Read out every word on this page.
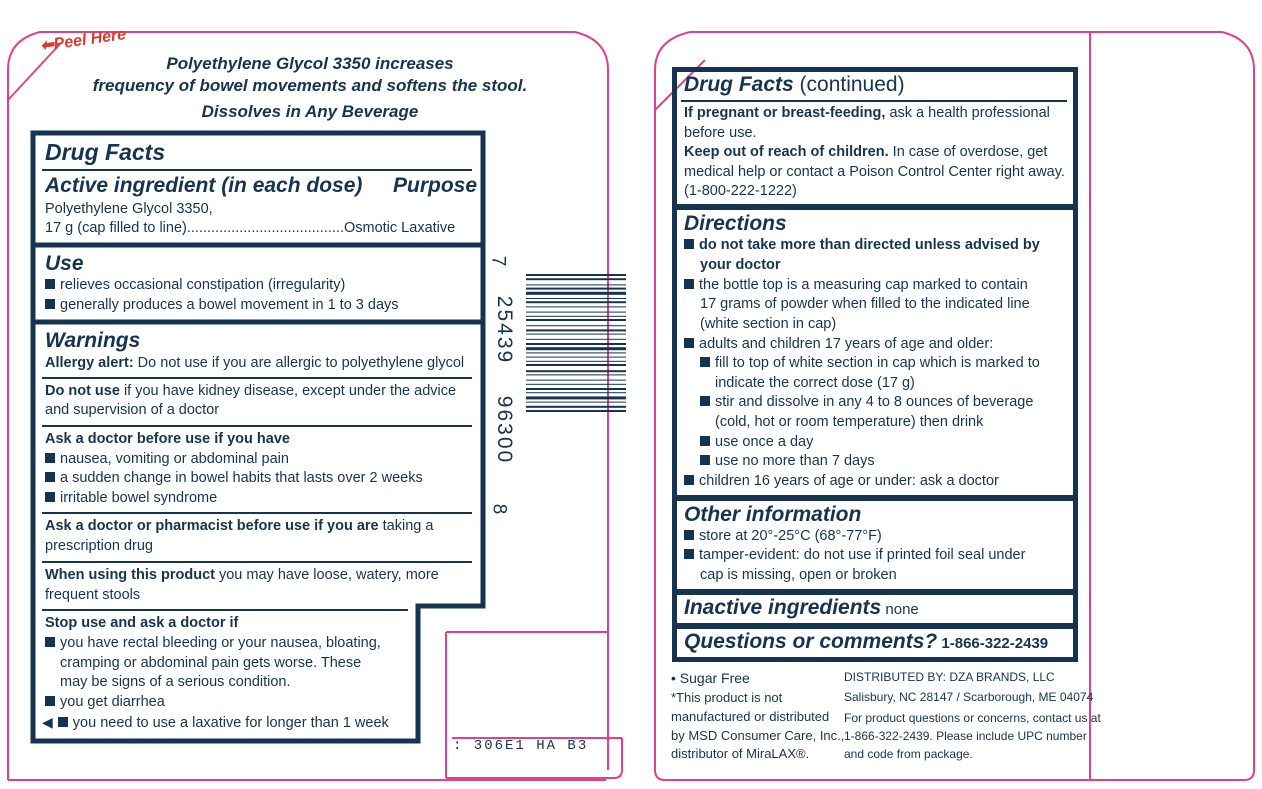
⬅Peel Here
Polyethylene Glycol 3350 increases
frequency of bowel movements and softens the stool.
Dissolves in Any Beverage
Drug Facts
Active ingredient (in each dose) Purpose
Polyethylene Glycol 3350,
17 g (cap filled to line).......................................Osmotic Laxative
Use
relieves occasional constipation (irregularity)
generally produces a bowel movement in 1 to 3 days
Warnings
Allergy alert: Do not use if you are allergic to polyethylene glycol
Do not use if you have kidney disease, except under the advice
and supervision of a doctor
Ask a doctor before use if you have
nausea, vomiting or abdominal pain
a sudden change in bowel habits that lasts over 2 weeks
irritable bowel syndrome
Ask a doctor or pharmacist before use if you are taking a
prescription drug
When using this product you may have loose, watery, more
frequent stools
Stop use and ask a doctor if
you have rectal bleeding or your nausea, bloating,
cramping or abdominal pain gets worse. These
may be signs of a serious condition.
you get diarrhea
◀ you need to use a laxative for longer than 1 week
7
25439
96300
8
: 306E1 HA B3
Drug Facts (continued)
If pregnant or breast-feeding, ask a health professional
before use.
Keep out of reach of children. In case of overdose, get
medical help or contact a Poison Control Center right away.
(1-800-222-1222)
Directions
do not take more than directed unless advised by
your doctor
the bottle top is a measuring cap marked to contain
17 grams of powder when filled to the indicated line
(white section in cap)
adults and children 17 years of age and older:
fill to top of white section in cap which is marked to
indicate the correct dose (17 g)
stir and dissolve in any 4 to 8 ounces of beverage
(cold, hot or room temperature) then drink
use once a day
use no more than 7 days
children 16 years of age or under: ask a doctor
Other information
store at 20°-25°C (68°-77°F)
tamper-evident: do not use if printed foil seal under
cap is missing, open or broken
Inactive ingredients none
Questions or comments? 1-866-322-2439
• Sugar Free
*This product is not
manufactured or distributed
by MSD Consumer Care, Inc.,
distributor of MiraLAX®.
DISTRIBUTED BY: DZA BRANDS, LLC
Salisbury, NC 28147 / Scarborough, ME 04074
For product questions or concerns, contact us at
1-866-322-2439. Please include UPC number
and code from package.
